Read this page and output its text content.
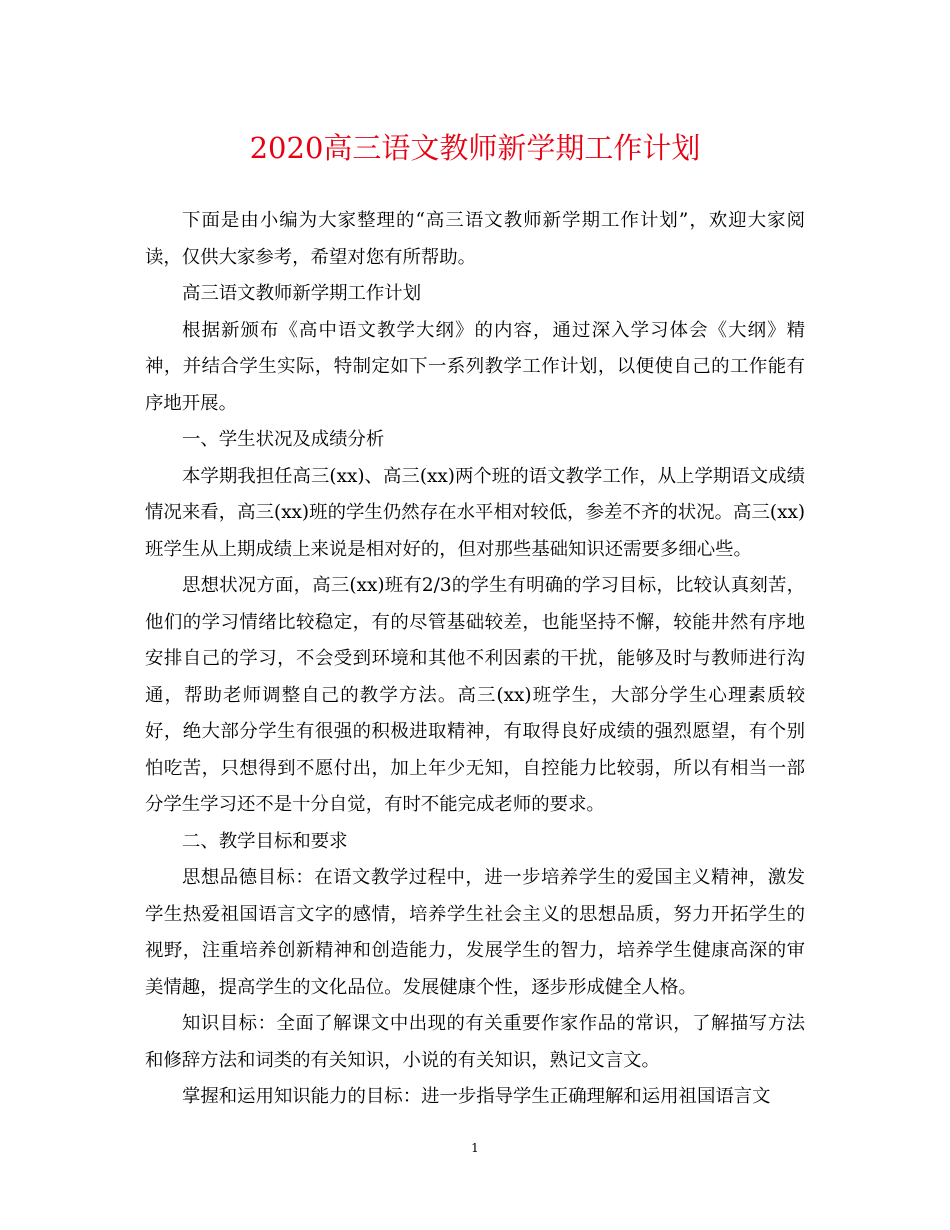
2020高三语文教师新学期工作计划

下面是由小编为大家整理的“高三语文教师新学期工作计划”，欢迎大家阅读，仅供大家参考，希望对您有所帮助。

高三语文教师新学期工作计划

根据新颁布《高中语文教学大纲》的内容，通过深入学习体会《大纲》精神，并结合学生实际，特制定如下一系列教学工作计划，以便使自己的工作能有序地开展。

一、学生状况及成绩分析

本学期我担任高三(xx)、高三(xx)两个班的语文教学工作，从上学期语文成绩情况来看，高三(xx)班的学生仍然存在水平相对较低，参差不齐的状况。高三(xx)班学生从上期成绩上来说是相对好的，但对那些基础知识还需要多细心些。

思想状况方面，高三(xx)班有2/3的学生有明确的学习目标，比较认真刻苦，他们的学习情绪比较稳定，有的尽管基础较差，也能坚持不懈，较能井然有序地安排自己的学习，不会受到环境和其他不利因素的干扰，能够及时与教师进行沟通，帮助老师调整自己的教学方法。高三(xx)班学生，大部分学生心理素质较好，绝大部分学生有很强的积极进取精神，有取得良好成绩的强烈愿望，有个别怕吃苦，只想得到不愿付出，加上年少无知，自控能力比较弱，所以有相当一部分学生学习还不是十分自觉，有时不能完成老师的要求。

二、教学目标和要求

思想品德目标：在语文教学过程中，进一步培养学生的爱国主义精神，激发学生热爱祖国语言文字的感情，培养学生社会主义的思想品质，努力开拓学生的视野，注重培养创新精神和创造能力，发展学生的智力，培养学生健康高深的审美情趣，提高学生的文化品位。发展健康个性，逐步形成健全人格。

知识目标：全面了解课文中出现的有关重要作家作品的常识，了解描写方法和修辞方法和词类的有关知识，小说的有关知识，熟记文言文。

掌握和运用知识能力的目标：进一步指导学生正确理解和运用祖国语言文

1
